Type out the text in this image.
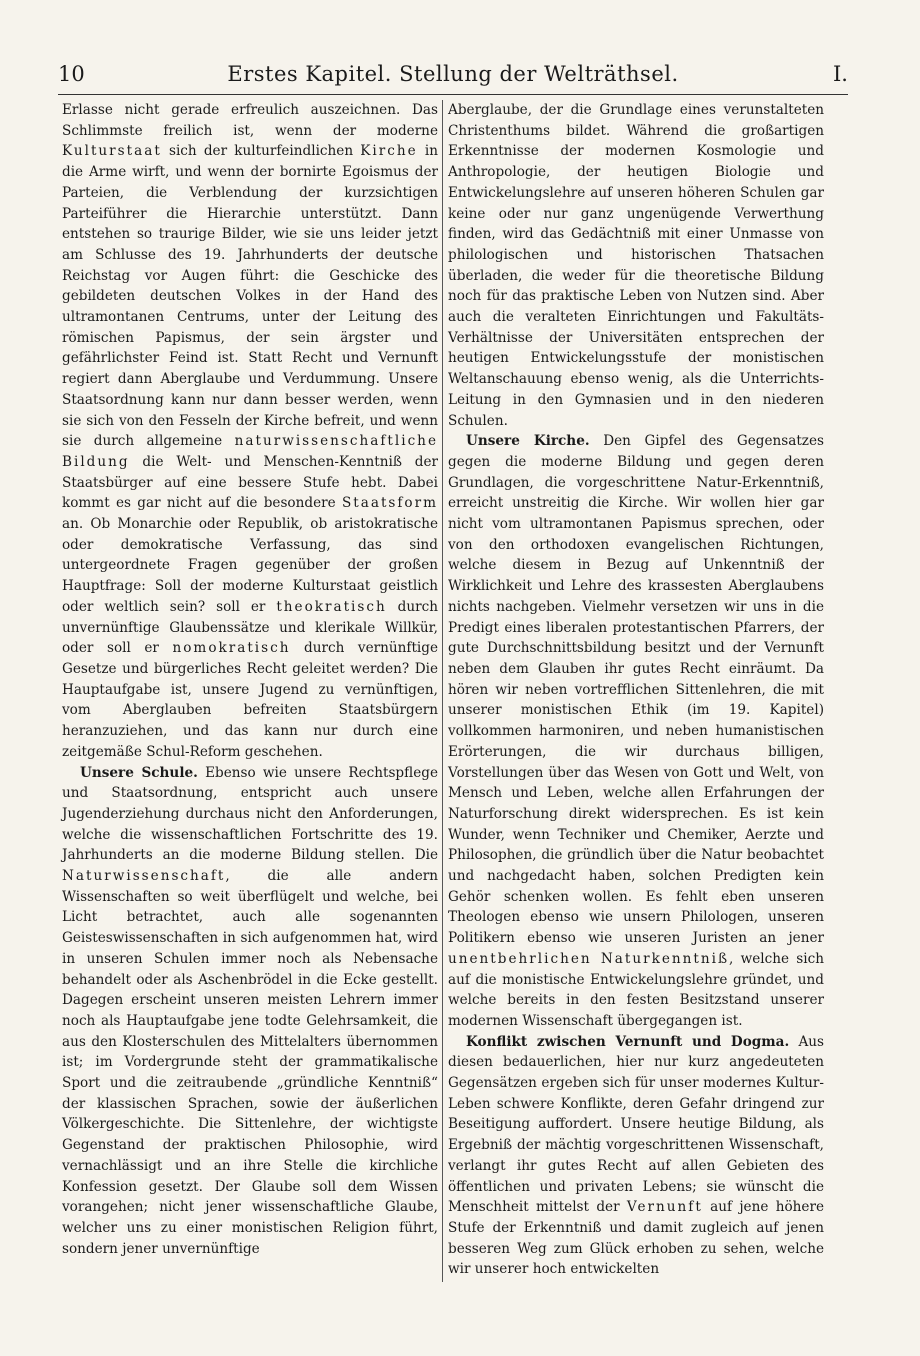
10	Erstes Kapitel. Stellung der Welträthsel.	I.

Erlasse nicht gerade erfreulich auszeichnen. Das Schlimmste freilich ist, wenn der moderne Kulturstaat sich der kulturfeindlichen Kirche in die Arme wirft, und wenn der bornirte Egoismus der Parteien, die Verblendung der kurzsichtigen Parteiführer die Hierarchie unterstützt. Dann entstehen so traurige Bilder, wie sie uns leider jetzt am Schlusse des 19. Jahrhunderts der deutsche Reichstag vor Augen führt: die Geschicke des gebildeten deutschen Volkes in der Hand des ultramontanen Centrums, unter der Leitung des römischen Papismus, der sein ärgster und gefährlichster Feind ist. Statt Recht und Vernunft regiert dann Aberglaube und Verdummung. Unsere Staatsordnung kann nur dann besser werden, wenn sie sich von den Fesseln der Kirche befreit, und wenn sie durch allgemeine naturwissenschaftliche Bildung die Welt- und Menschen-Kenntniß der Staatsbürger auf eine bessere Stufe hebt. Dabei kommt es gar nicht auf die besondere Staatsform an. Ob Monarchie oder Republik, ob aristokratische oder demokratische Verfassung, das sind untergeordnete Fragen gegenüber der großen Hauptfrage: Soll der moderne Kulturstaat geistlich oder weltlich sein? soll er theokratisch durch unvernünftige Glaubenssätze und klerikale Willkür, oder soll er nomokratisch durch vernünftige Gesetze und bürgerliches Recht geleitet werden? Die Hauptaufgabe ist, unsere Jugend zu vernünftigen, vom Aberglauben befreiten Staatsbürgern heranzuziehen, und das kann nur durch eine zeitgemäße Schul-Reform geschehen.

Unsere Schule. Ebenso wie unsere Rechtspflege und Staatsordnung, entspricht auch unsere Jugenderziehung durchaus nicht den Anforderungen, welche die wissenschaftlichen Fortschritte des 19. Jahrhunderts an die moderne Bildung stellen. Die Naturwissenschaft, die alle andern Wissenschaften so weit überflügelt und welche, bei Licht betrachtet, auch alle sogenannten Geisteswissenschaften in sich aufgenommen hat, wird in unseren Schulen immer noch als Nebensache behandelt oder als Aschenbrödel in die Ecke gestellt. Dagegen erscheint unseren meisten Lehrern immer noch als Hauptaufgabe jene todte Gelehrsamkeit, die aus den Klosterschulen des Mittelalters übernommen ist; im Vordergrunde steht der grammatikalische Sport und die zeitraubende „gründliche Kenntniß“ der klassischen Sprachen, sowie der äußerlichen Völkergeschichte. Die Sittenlehre, der wichtigste Gegenstand der praktischen Philosophie, wird vernachlässigt und an ihre Stelle die kirchliche Konfession gesetzt. Der Glaube soll dem Wissen vorangehen; nicht jener wissenschaftliche Glaube, welcher uns zu einer monistischen Religion führt, sondern jener unvernünftige

Aberglaube, der die Grundlage eines verunstalteten Christenthums bildet. Während die großartigen Erkenntnisse der modernen Kosmologie und Anthropologie, der heutigen Biologie und Entwickelungslehre auf unseren höheren Schulen gar keine oder nur ganz ungenügende Verwerthung finden, wird das Gedächtniß mit einer Unmasse von philologischen und historischen Thatsachen überladen, die weder für die theoretische Bildung noch für das praktische Leben von Nutzen sind. Aber auch die veralteten Einrichtungen und Fakultäts-Verhältnisse der Universitäten entsprechen der heutigen Entwickelungsstufe der monistischen Weltanschauung ebenso wenig, als die Unterrichts-Leitung in den Gymnasien und in den niederen Schulen.

Unsere Kirche. Den Gipfel des Gegensatzes gegen die moderne Bildung und gegen deren Grundlagen, die vorgeschrittene Natur-Erkenntniß, erreicht unstreitig die Kirche. Wir wollen hier gar nicht vom ultramontanen Papismus sprechen, oder von den orthodoxen evangelischen Richtungen, welche diesem in Bezug auf Unkenntniß der Wirklichkeit und Lehre des krassesten Aberglaubens nichts nachgeben. Vielmehr versetzen wir uns in die Predigt eines liberalen protestantischen Pfarrers, der gute Durchschnittsbildung besitzt und der Vernunft neben dem Glauben ihr gutes Recht einräumt. Da hören wir neben vortrefflichen Sittenlehren, die mit unserer monistischen Ethik (im 19. Kapitel) vollkommen harmoniren, und neben humanistischen Erörterungen, die wir durchaus billigen, Vorstellungen über das Wesen von Gott und Welt, von Mensch und Leben, welche allen Erfahrungen der Naturforschung direkt widersprechen. Es ist kein Wunder, wenn Techniker und Chemiker, Aerzte und Philosophen, die gründlich über die Natur beobachtet und nachgedacht haben, solchen Predigten kein Gehör schenken wollen. Es fehlt eben unseren Theologen ebenso wie unsern Philologen, unseren Politikern ebenso wie unseren Juristen an jener unentbehrlichen Naturkenntniß, welche sich auf die monistische Entwickelungslehre gründet, und welche bereits in den festen Besitzstand unserer modernen Wissenschaft übergegangen ist.

Konflikt zwischen Vernunft und Dogma. Aus diesen bedauerlichen, hier nur kurz angedeuteten Gegensätzen ergeben sich für unser modernes Kultur-Leben schwere Konflikte, deren Gefahr dringend zur Beseitigung auffordert. Unsere heutige Bildung, als Ergebniß der mächtig vorgeschrittenen Wissenschaft, verlangt ihr gutes Recht auf allen Gebieten des öffentlichen und privaten Lebens; sie wünscht die Menschheit mittelst der Vernunft auf jene höhere Stufe der Erkenntniß und damit zugleich auf jenen besseren Weg zum Glück erhoben zu sehen, welche wir unserer hoch entwickelten
